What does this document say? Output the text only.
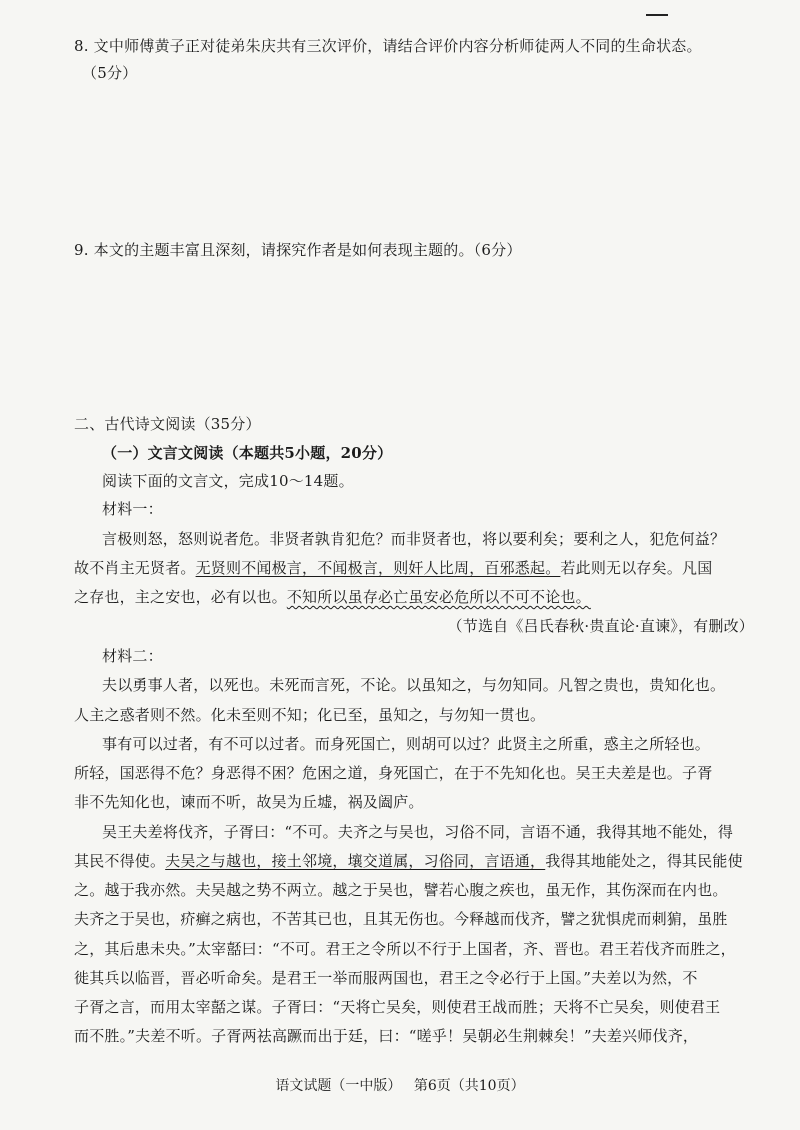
8. 文中师傅黄子正对徒弟朱庆共有三次评价，请结合评价内容分析师徒两人不同的生命状态。
（5分）
9. 本文的主题丰富且深刻，请探究作者是如何表现主题的。（6分）
二、古代诗文阅读（35分）
（一）文言文阅读（本题共5小题，20分）
阅读下面的文言文，完成10～14题。
材料一：
言极则怒，怒则说者危。非贤者孰肯犯危？而非贤者也，将以要利矣；要利之人，犯危何益？
故不肖主无贤者。无贤则不闻极言，不闻极言，则奸人比周，百邪悉起。若此则无以存矣。凡国
之存也，主之安也，必有以也。不知所以虽存必亡虽安必危所以不可不论也。
（节选自《吕氏春秋·贵直论·直谏》，有删改）
材料二：
夫以勇事人者，以死也。未死而言死，不论。以虽知之，与勿知同。凡智之贵也，贵知化也。
人主之惑者则不然。化未至则不知；化已至，虽知之，与勿知一贯也。
事有可以过者，有不可以过者。而身死国亡，则胡可以过？此贤主之所重，惑主之所轻也。
所轻，国恶得不危？身恶得不困？危困之道，身死国亡，在于不先知化也。吴王夫差是也。子胥
非不先知化也，谏而不听，故吴为丘墟，祸及阖庐。
吴王夫差将伐齐，子胥曰：“不可。夫齐之与吴也，习俗不同，言语不通，我得其地不能处，得
其民不得使。夫吴之与越也，接土邻境，壤交道属，习俗同，言语通，我得其地能处之，得其民能使
之。越于我亦然。夫吴越之势不两立。越之于吴也，譬若心腹之疾也，虽无作，其伤深而在内也。
夫齐之于吴也，疥癣之病也，不苦其已也，且其无伤也。今释越而伐齐，譬之犹惧虎而刺猏，虽胜
之，其后患未央。”太宰嚭曰：“不可。君王之令所以不行于上国者，齐、晋也。君王若伐齐而胜之，
徙其兵以临晋，晋必听命矣。是君王一举而服两国也，君王之令必行于上国。”夫差以为然，不
子胥之言，而用太宰嚭之谋。子胥曰：“天将亡吴矣，则使君王战而胜；天将不亡吴矣，则使君王
而不胜。”夫差不听。子胥两祛高蹶而出于廷，曰：“嗟乎！吴朝必生荆棘矣！”夫差兴师伐齐，
语文试题（一中版） 第6页（共10页）
